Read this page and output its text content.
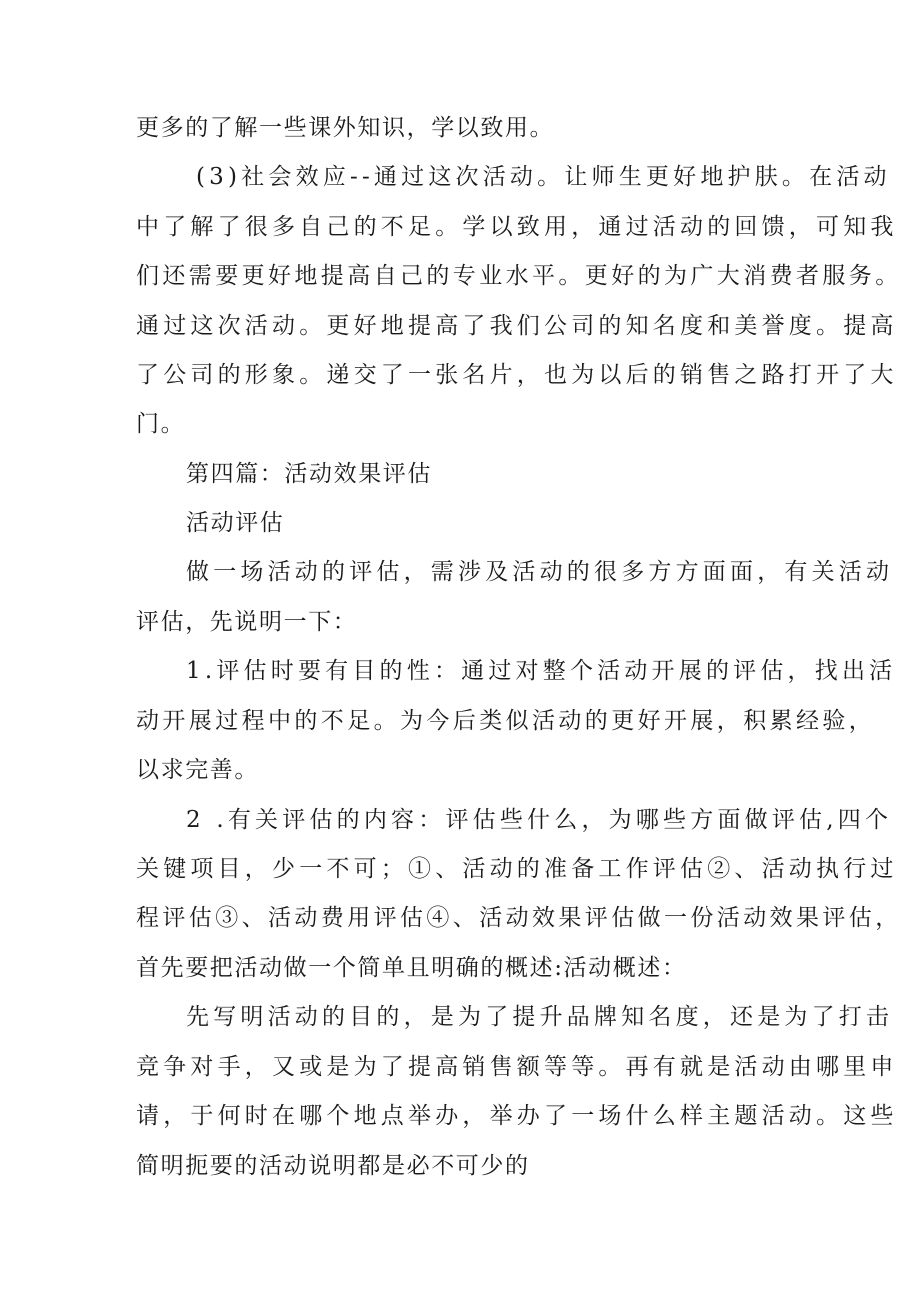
更多的了解一些课外知识，学以致用。
(3)社会效应--通过这次活动。让师生更好地护肤。在活动
中了解了很多自己的不足。学以致用，通过活动的回馈，可知我
们还需要更好地提高自己的专业水平。更好的为广大消费者服务。
通过这次活动。更好地提高了我们公司的知名度和美誉度。提高
了公司的形象。递交了一张名片，也为以后的销售之路打开了大
门。
第四篇：活动效果评估
活动评估
做一场活动的评估，需涉及活动的很多方方面面，有关活动
评估，先说明一下：
1.评估时要有目的性：通过对整个活动开展的评估，找出活
动开展过程中的不足。为今后类似活动的更好开展，积累经验，
以求完善。
2 .有关评估的内容：评估些什么，为哪些方面做评估,四个
关键项目，少一不可；①、活动的准备工作评估②、活动执行过
程评估③、活动费用评估④、活动效果评估做一份活动效果评估，
首先要把活动做一个简单且明确的概述:活动概述：
先写明活动的目的，是为了提升品牌知名度，还是为了打击
竞争对手，又或是为了提高销售额等等。再有就是活动由哪里申
请，于何时在哪个地点举办，举办了一场什么样主题活动。这些
简明扼要的活动说明都是必不可少的
